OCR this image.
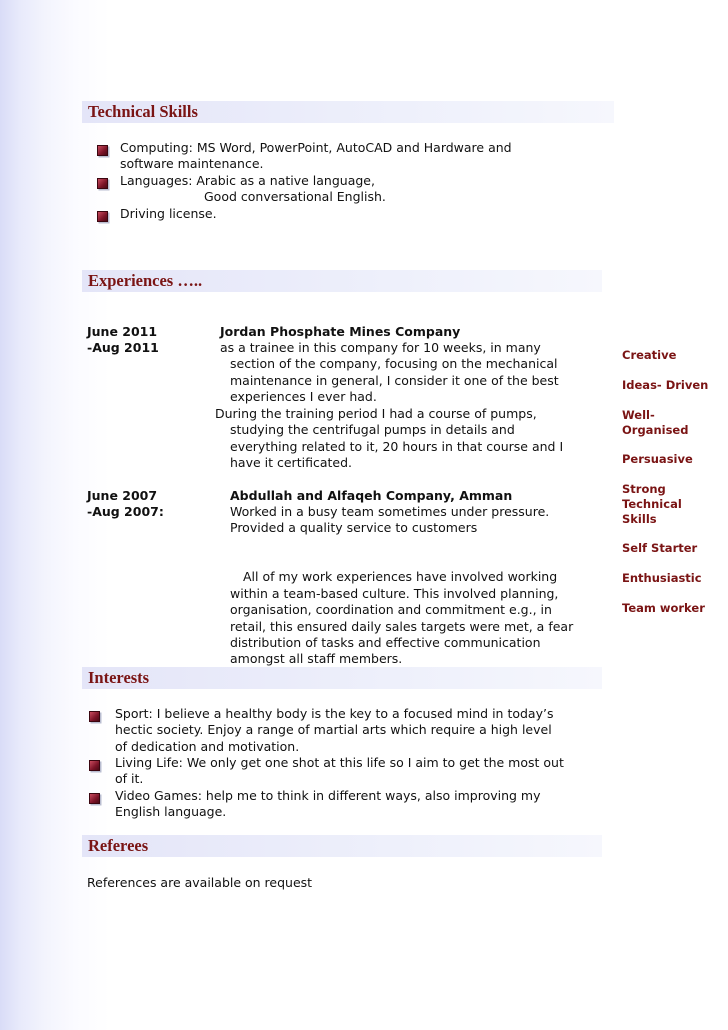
Technical Skills
Computing: MS Word, PowerPoint, AutoCAD and Hardware and
software maintenance.
Languages: Arabic as a native language,
Good conversational English.
Driving license.
Experiences …..
June 2011
-Aug 2011
Jordan Phosphate Mines Company
as a trainee in this company for 10 weeks, in many
section of the company, focusing on the mechanical
maintenance in general, I consider it one of the best
experiences I ever had.
During the training period I had a course of pumps,
studying the centrifugal pumps in details and
everything related to it, 20 hours in that course and I
have it certificated.
June 2007
-Aug 2007:
Abdullah and Alfaqeh Company, Amman
Worked in a busy team sometimes under pressure.
Provided a quality service to customers
All of my work experiences have involved working
within a team-based culture. This involved planning,
organisation, coordination and commitment e.g., in
retail, this ensured daily sales targets were met, a fear
distribution of tasks and effective communication
amongst all staff members.
Creative
Ideas- Driven
Well-
Organised
Persuasive
Strong
Technical
Skills
Self Starter
Enthusiastic
Team worker
Interests
Sport: I believe a healthy body is the key to a focused mind in today’s
hectic society. Enjoy a range of martial arts which require a high level
of dedication and motivation.
Living Life: We only get one shot at this life so I aim to get the most out
of it.
Video Games: help me to think in different ways, also improving my
English language.
Referees
References are available on request
